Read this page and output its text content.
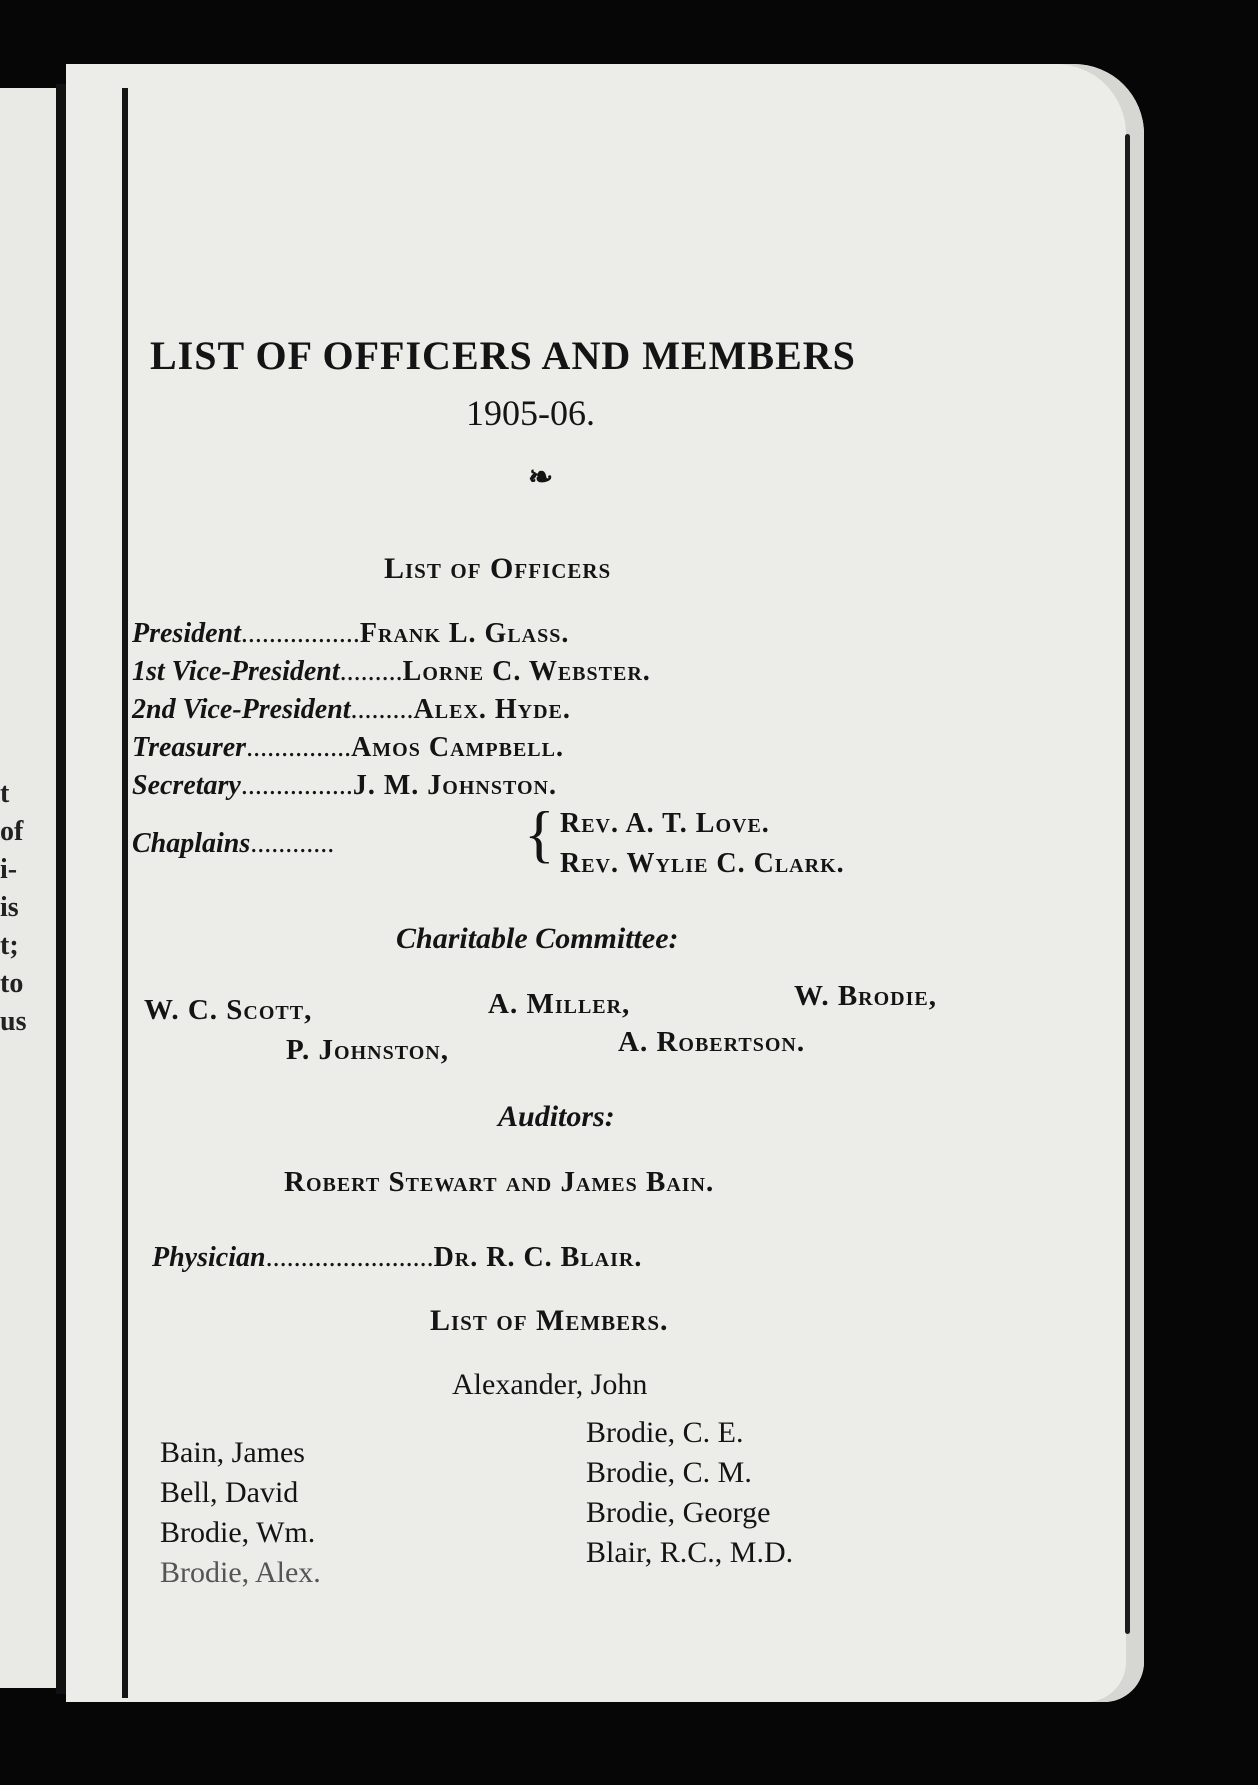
t
of
i-
is
t;
to
us
LIST OF OFFICERS AND MEMBERS
1905-06.
❧
List of Officers
President.................Frank L. Glass.
1st Vice-President.........Lorne C. Webster.
2nd Vice-President.........Alex. Hyde.
Treasurer...............Amos Campbell.
Secretary................J. M. Johnston.
Chaplains............	{ Rev. A. T. Love.
Rev. Wylie C. Clark.
Charitable Committee:
W. C. Scott,	A. Miller,	W. Brodie,
P. Johnston,	A. Robertson.
Auditors:
Robert Stewart and James Bain.
Physician........................Dr. R. C. Blair.
List of Members.
Alexander, John
Bain, James
Bell, David
Brodie, Wm.
Brodie, Alex.
Brodie, C. E.
Brodie, C. M.
Brodie, George
Blair, R.C., M.D.
